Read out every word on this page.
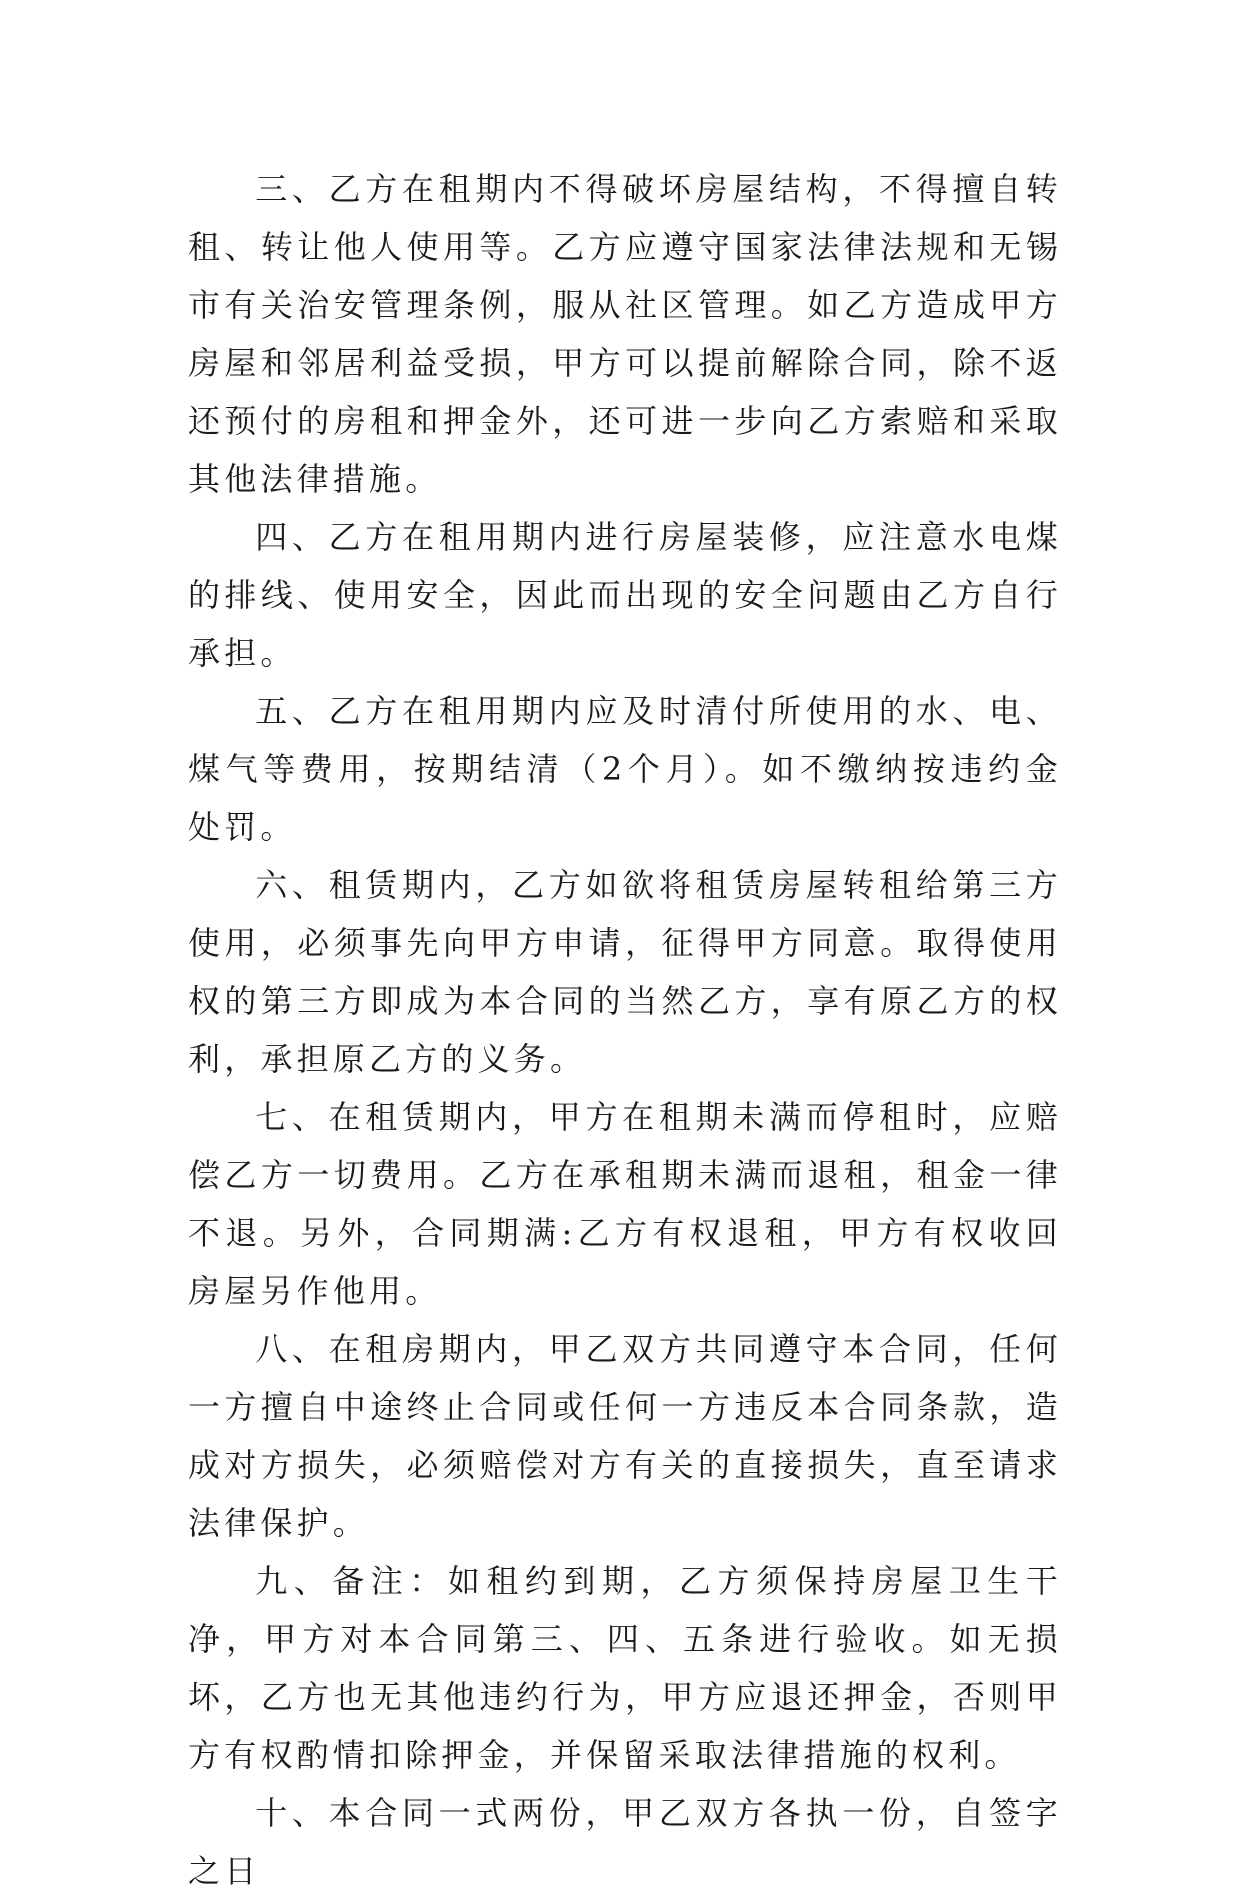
三、乙方在租期内不得破坏房屋结构，不得擅自转租、转让他人使用等。乙方应遵守国家法律法规和无锡市有关治安管理条例，服从社区管理。如乙方造成甲方房屋和邻居利益受损，甲方可以提前解除合同，除不返还预付的房租和押金外，还可进一步向乙方索赔和采取其他法律措施。

四、乙方在租用期内进行房屋装修，应注意水电煤的排线、使用安全，因此而出现的安全问题由乙方自行承担。

五、乙方在租用期内应及时清付所使用的水、电、煤气等费用，按期结清（2个月）。如不缴纳按违约金处罚。

六、租赁期内，乙方如欲将租赁房屋转租给第三方使用，必须事先向甲方申请，征得甲方同意。取得使用权的第三方即成为本合同的当然乙方，享有原乙方的权利，承担原乙方的义务。

七、在租赁期内，甲方在租期未满而停租时，应赔偿乙方一切费用。乙方在承租期未满而退租，租金一律不退。另外，合同期满:乙方有权退租，甲方有权收回房屋另作他用。

八、在租房期内，甲乙双方共同遵守本合同，任何一方擅自中途终止合同或任何一方违反本合同条款，造成对方损失，必须赔偿对方有关的直接损失，直至请求法律保护。

九、备注：如租约到期，乙方须保持房屋卫生干净，甲方对本合同第三、四、五条进行验收。如无损坏，乙方也无其他违约行为，甲方应退还押金，否则甲方有权酌情扣除押金，并保留采取法律措施的权利。

十、本合同一式两份，甲乙双方各执一份，自签字之日
